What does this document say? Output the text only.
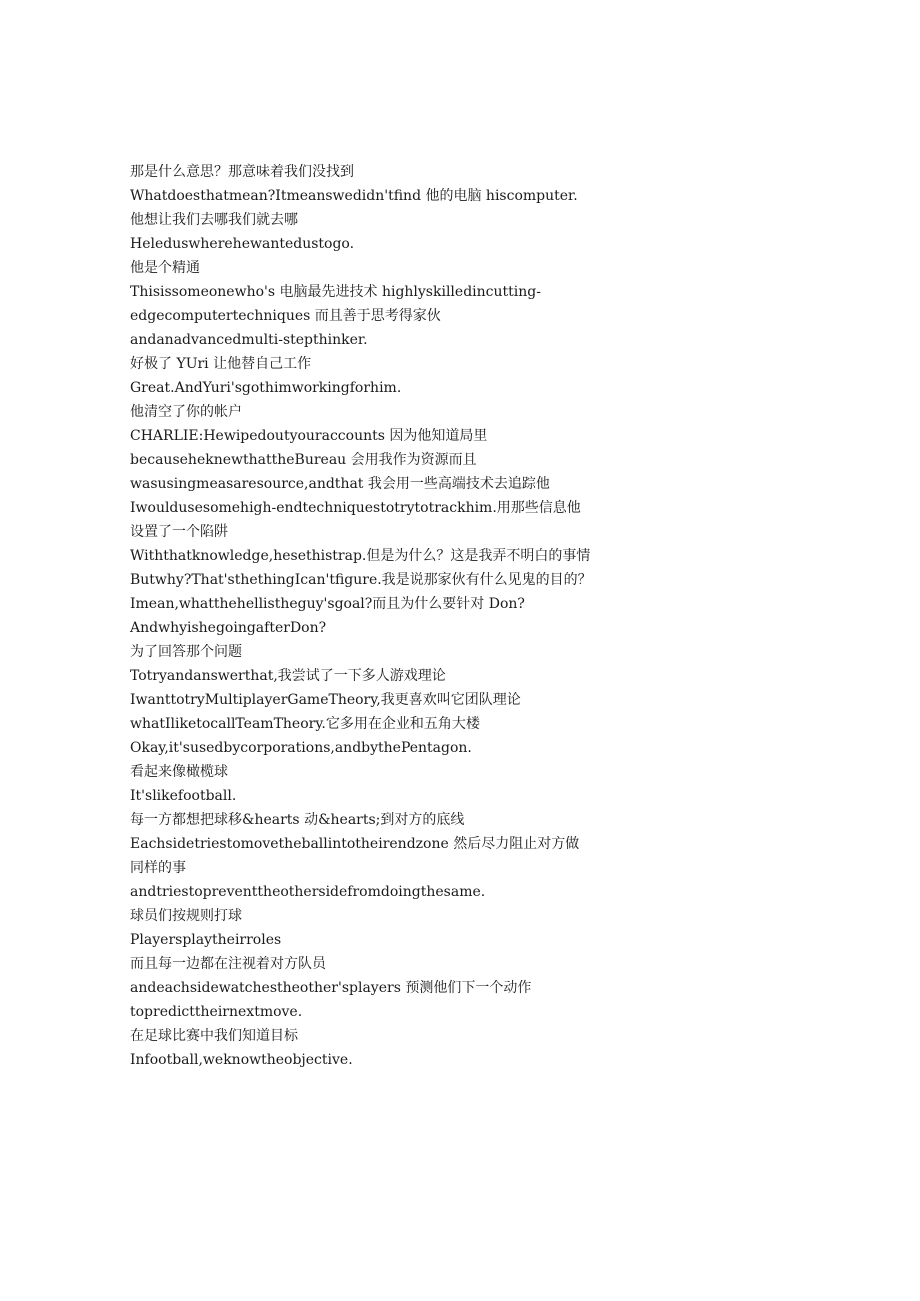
那是什么意思？那意味着我们没找到
Whatdoesthatmean?Itmeanswedidn'tfind 他的电脑 hiscomputer.
他想让我们去哪我们就去哪
Heleduswherehewantedustogo.
他是个精通
Thisissomeonewho's 电脑最先进技术 highlyskilledincutting-
edgecomputertechniques 而且善于思考得家伙
andanadvancedmulti-stepthinker.
好极了 YUri 让他替自己工作
Great.AndYuri'sgothimworkingforhim.
他清空了你的帐户
CHARLIE:Hewipedoutyouraccounts 因为他知道局里
becauseheknewthattheBureau 会用我作为资源而且
wasusingmeasaresource,andthat 我会用一些高端技术去追踪他
Iwouldusesomehigh-endtechniquestotrytotrackhim.用那些信息他设置了一个陷阱
Withthatknowledge,hesethistrap.但是为什么？这是我弄不明白的事情 Butwhy?That'sthethingIcan'tfigure.我是说那家伙有什么见鬼的目的？
Imean,whatthehellistheguy'sgoal?而且为什么要针对 Don?
AndwhyishegoingafterDon?
为了回答那个问题
Totryandanswerthat,我尝试了一下多人游戏理论
IwanttotryMultiplayerGameTheory,我更喜欢叫它团队理论
whatIliketocallTeamTheory.它多用在企业和五角大楼
Okay,it'susedbycorporations,andbythePentagon.
看起来像橄榄球
It'slikefootball.
每一方都想把球移&hearts 动&hearts;到对方的底线
Eachsidetriestomovetheballintotheirendzone 然后尽力阻止对方做同样的事
andtriestopreventtheothersidefromdoingthesame.
球员们按规则打球
Playersplaytheirroles
而且每一边都在注视着对方队员
andeachsidewatchestheother'splayers 预测他们下一个动作
topredicttheirnextmove.
在足球比赛中我们知道目标
Infootball,weknowtheobjective.
